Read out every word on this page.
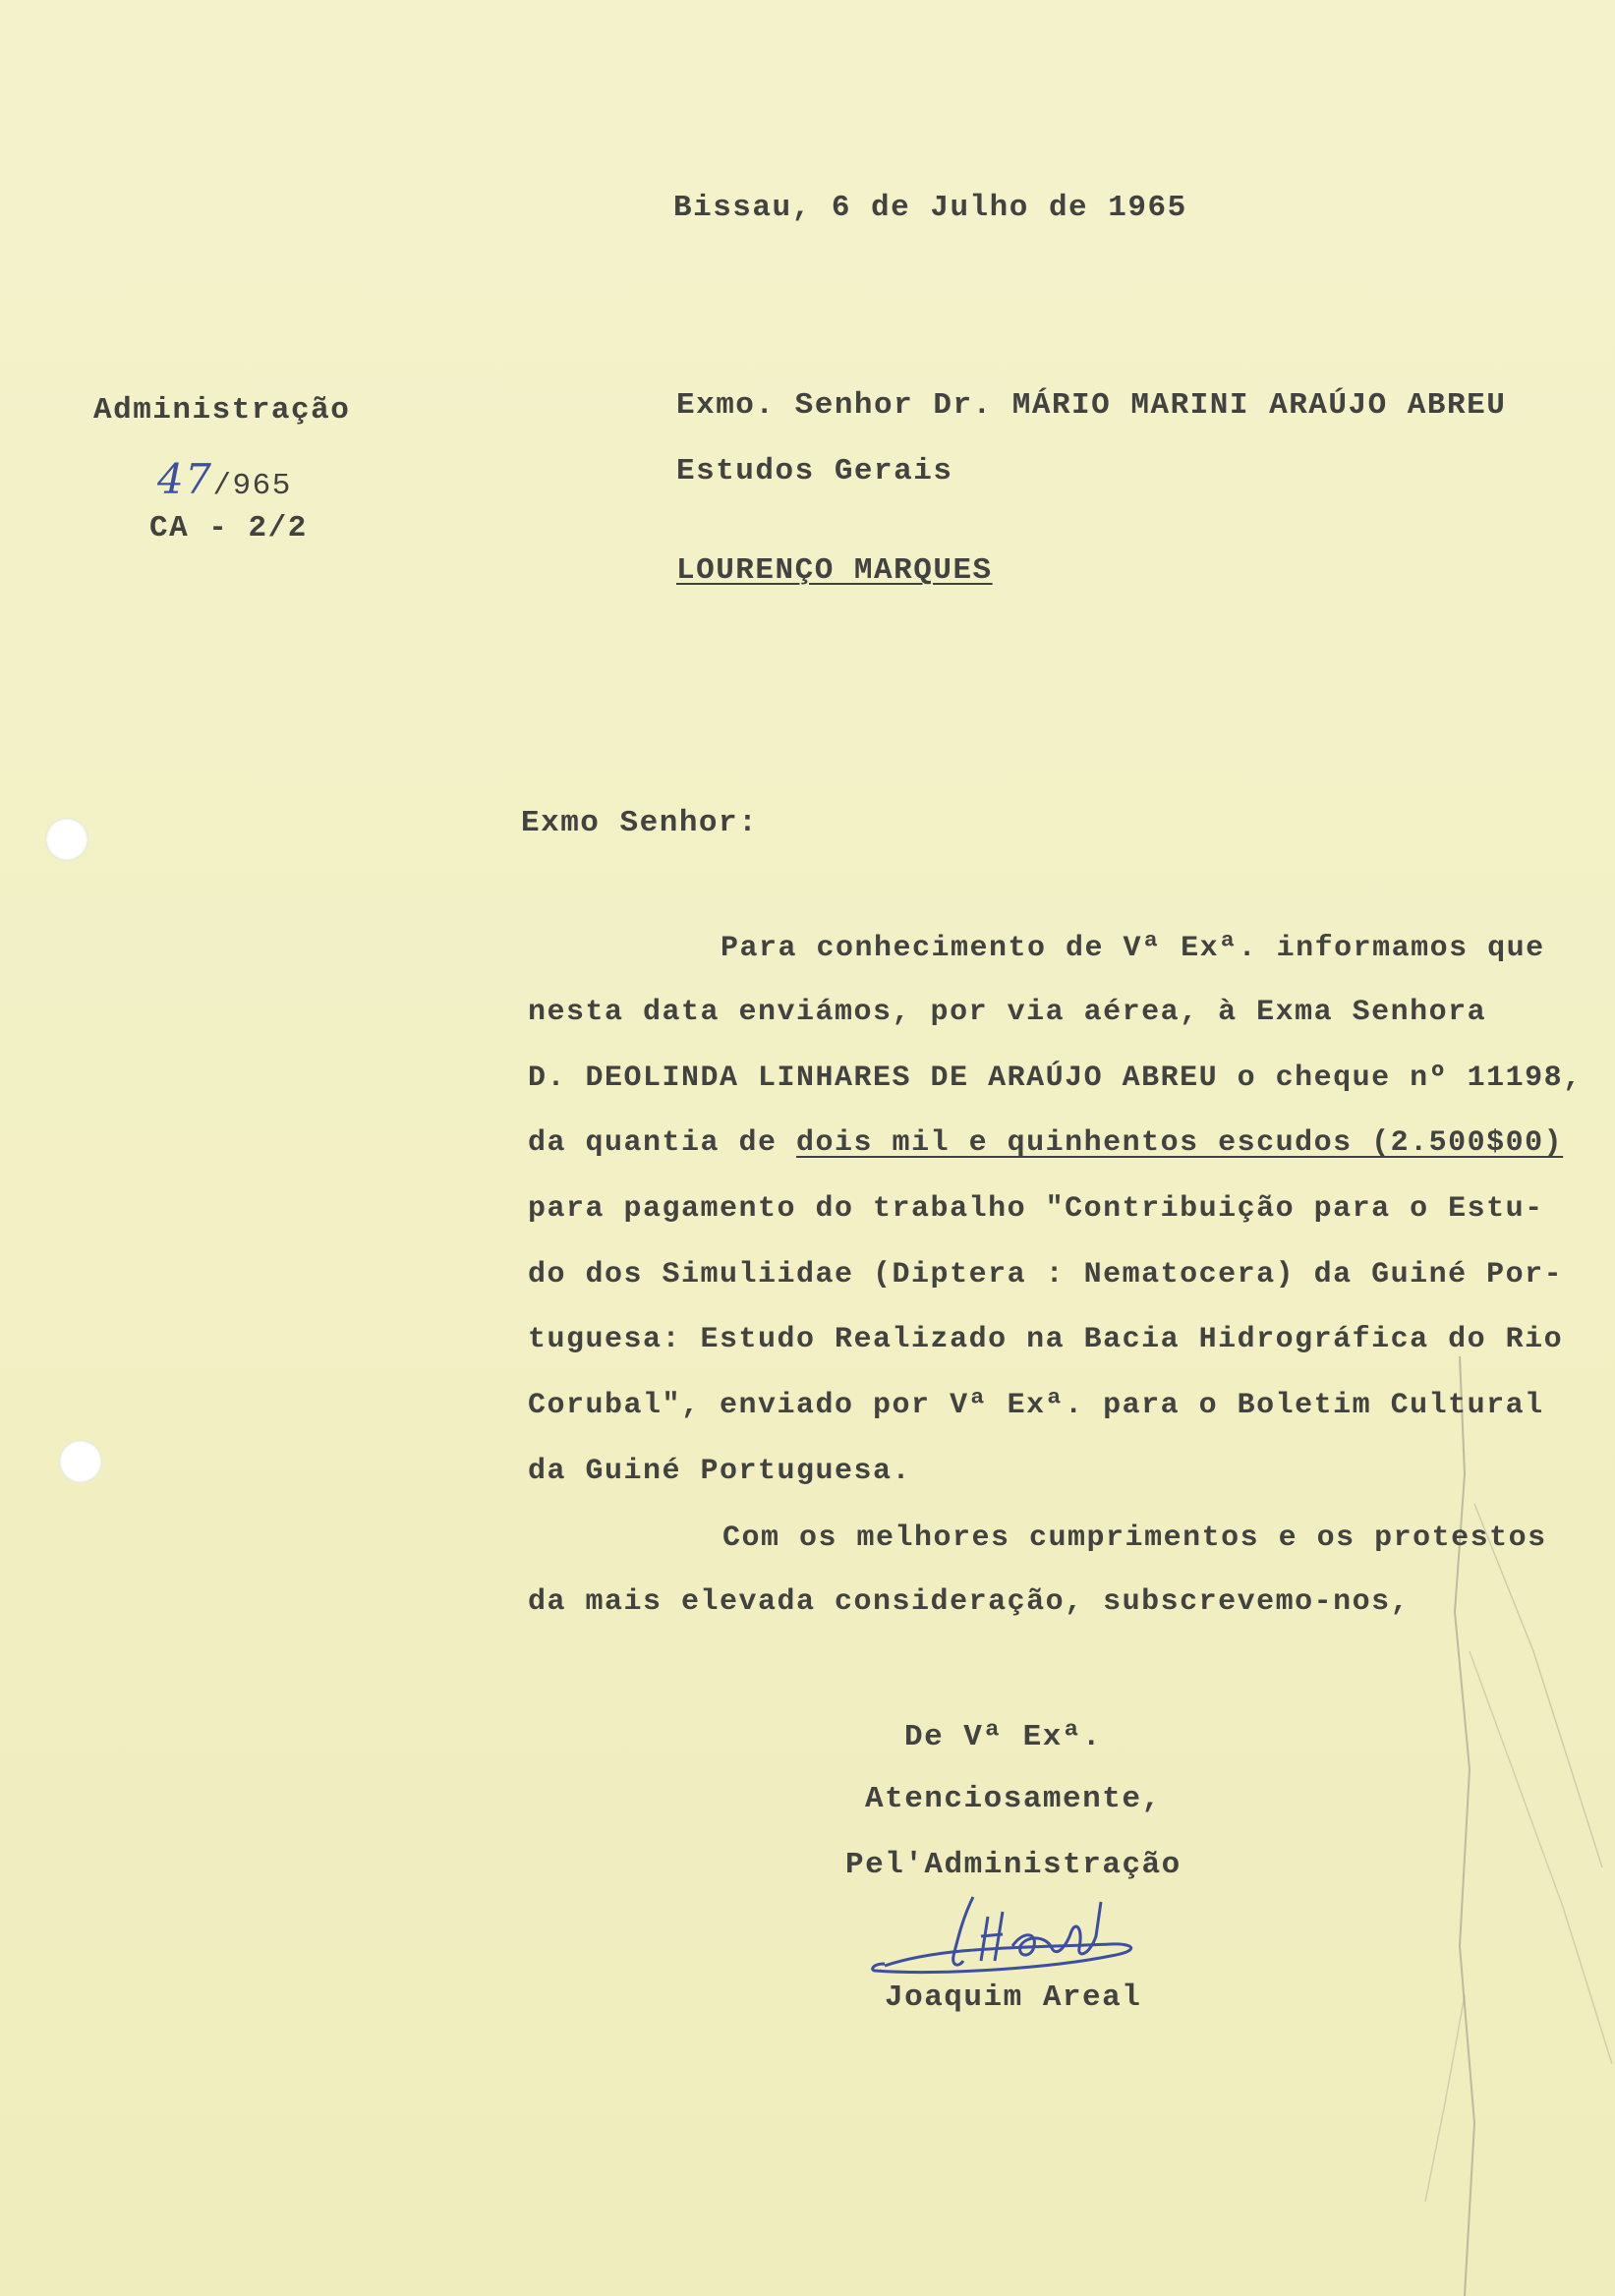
Bissau, 6 de Julho de 1965
Administração
47/965
CA - 2/2
Exmo. Senhor Dr. MÁRIO MARINI ARAÚJO ABREU
Estudos Gerais
LOURENÇO MARQUES
Exmo Senhor:
Para conhecimento de Vª Exª. informamos que
nesta data enviámos, por via aérea, à Exma Senhora
D. DEOLINDA LINHARES DE ARAÚJO ABREU o cheque nº 11198,
da quantia de dois mil e quinhentos escudos (2.500$00)
para pagamento do trabalho "Contribuição para o Estu-
do dos Simuliidae (Diptera : Nematocera) da Guiné Por-
tuguesa: Estudo Realizado na Bacia Hidrográfica do Rio
Corubal", enviado por Vª Exª. para o Boletim Cultural
da Guiné Portuguesa.
Com os melhores cumprimentos e os protestos
da mais elevada consideração, subscrevemo-nos,
De Vª Exª.
Atenciosamente,
Pel'Administração
Joaquim Areal
